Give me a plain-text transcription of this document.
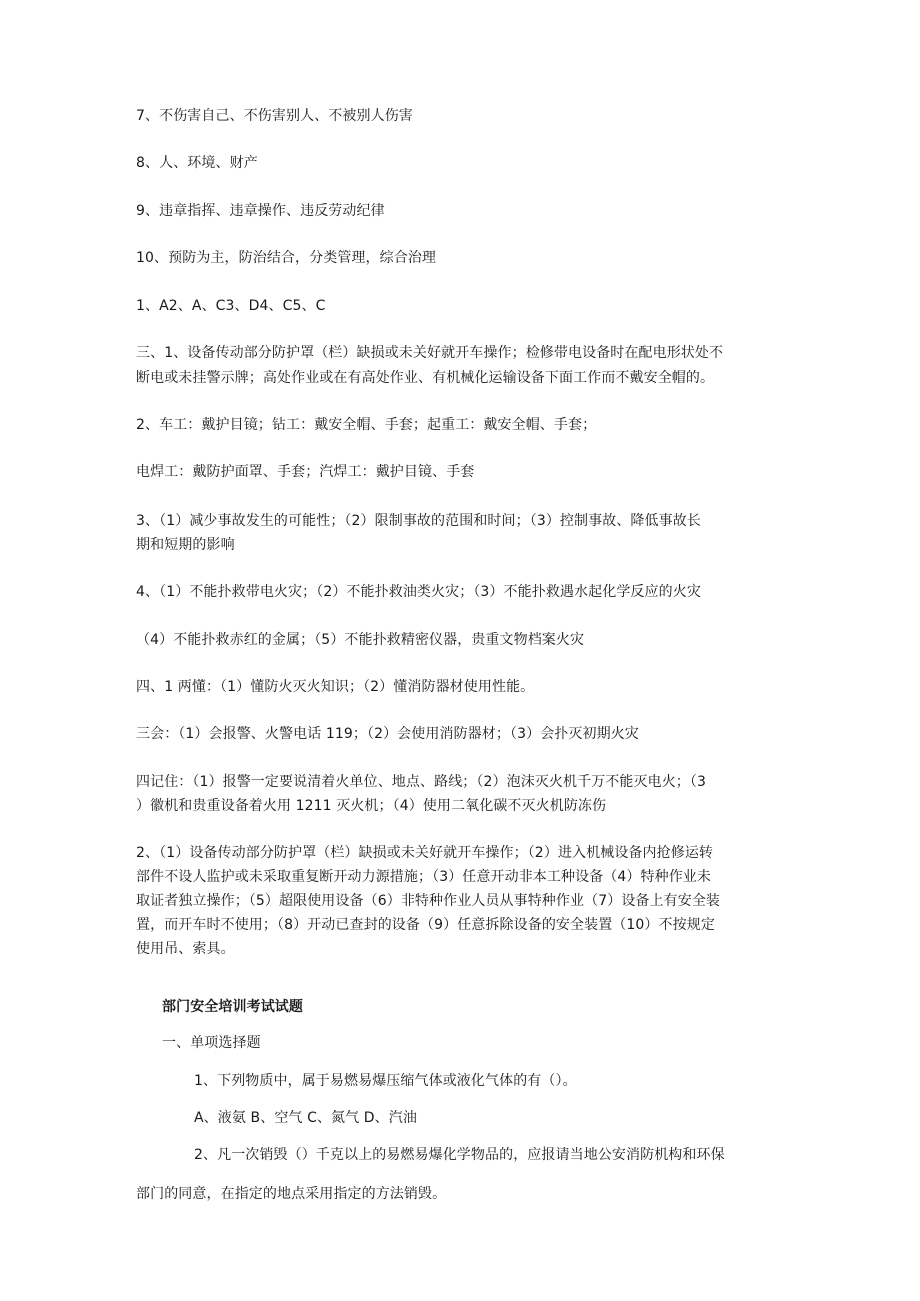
7、不伤害自己、不伤害别人、不被别人伤害
8、人、环境、财产
9、违章指挥、违章操作、违反劳动纪律
10、预防为主，防治结合，分类管理，综合治理
1、A2、A、C3、D4、C5、C
三、1、设备传动部分防护罩（栏）缺损或未关好就开车操作；检修带电设备时在配电形状处不
断电或未挂警示牌；高处作业或在有高处作业、有机械化运输设备下面工作而不戴安全帽的。
2、车工：戴护目镜；钻工：戴安全帽、手套；起重工：戴安全帽、手套；
电焊工：戴防护面罩、手套；汽焊工：戴护目镜、手套
3、（1）减少事故发生的可能性；（2）限制事故的范围和时间；（3）控制事故、降低事故长
期和短期的影响
4、（1）不能扑救带电火灾；（2）不能扑救油类火灾；（3）不能扑救遇水起化学反应的火灾
（4）不能扑救赤红的金属；（5）不能扑救精密仪器，贵重文物档案火灾
四、1 两懂：（1）懂防火灭火知识；（2）懂消防器材使用性能。
三会：（1）会报警、火警电话 119；（2）会使用消防器材；（3）会扑灭初期火灾
四记住：（1）报警一定要说清着火单位、地点、路线；（2）泡沫灭火机千万不能灭电火；（3
）徽机和贵重设备着火用 1211 灭火机；（4）使用二氧化碳不灭火机防冻伤
2、（1）设备传动部分防护罩（栏）缺损或未关好就开车操作；（2）进入机械设备内抢修运转
部件不设人监护或未采取重复断开动力源措施；（3）任意开动非本工种设备（4）特种作业未
取证者独立操作；（5）超限使用设备（6）非特种作业人员从事特种作业（7）设备上有安全装
置，而开车时不使用；（8）开动已查封的设备（9）任意拆除设备的安全装置（10）不按规定
使用吊、索具。
部门安全培训考试试题
一、单项选择题
1、下列物质中，属于易燃易爆压缩气体或液化气体的有（）。
A、液氨 B、空气 C、氮气 D、汽油
2、凡一次销毁（）千克以上的易燃易爆化学物品的，应报请当地公安消防机构和环保
部门的同意，在指定的地点采用指定的方法销毁。
